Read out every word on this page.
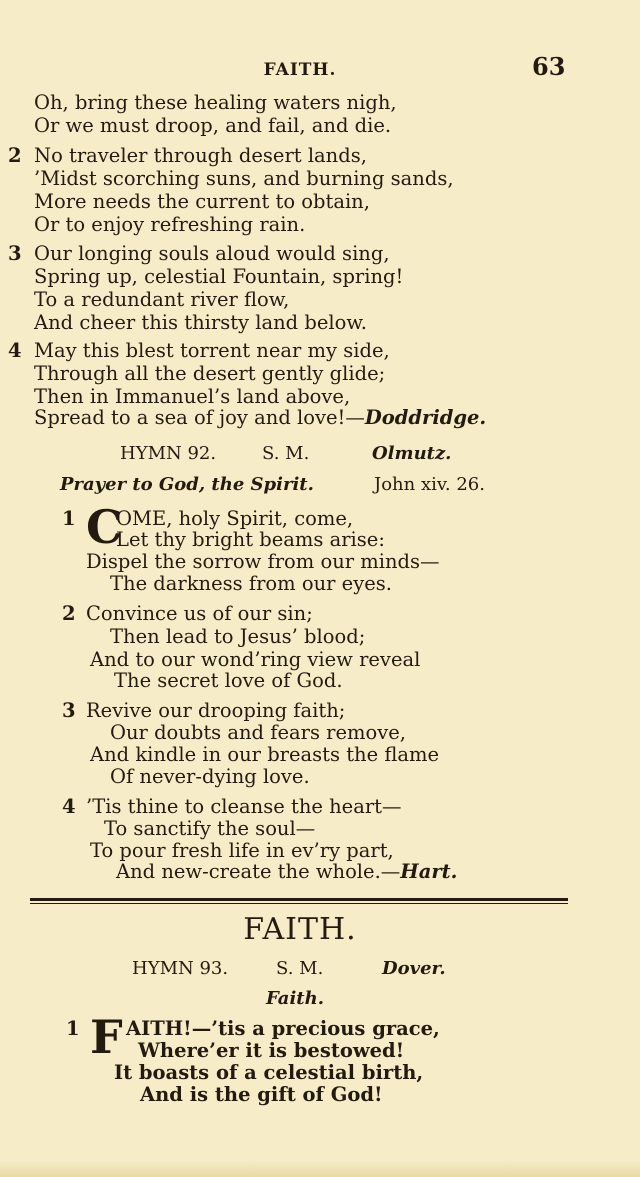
FAITH.	63
Oh, bring these healing waters nigh,
Or we must droop, and fail, and die.
2 No traveler through desert lands,
’Midst scorching suns, and burning sands,
More needs the current to obtain,
Or to enjoy refreshing rain.
3 Our longing souls aloud would sing,
Spring up, celestial Fountain, spring!
To a redundant river flow,
And cheer this thirsty land below.
4 May this blest torrent near my side,
Through all the desert gently glide;
Then in Immanuel’s land above,
Spread to a sea of joy and love!—Doddridge.
HYMN 92.	S. M.	Olmutz.
Prayer to God, the Spirit.	John xiv. 26.
1 C
OME, holy Spirit, come,
Let thy bright beams arise:
Dispel the sorrow from our minds—
The darkness from our eyes.
2 Convince us of our sin;
Then lead to Jesus’ blood;
And to our wond’ring view reveal
The secret love of God.
3 Revive our drooping faith;
Our doubts and fears remove,
And kindle in our breasts the flame
Of never-dying love.
4 ’Tis thine to cleanse the heart—
To sanctify the soul—
To pour fresh life in ev’ry part,
And new-create the whole.—Hart.
FAITH.
HYMN 93.	S. M.	Dover.
Faith.
1 F AITH!—’tis a precious grace,
Where’er it is bestowed!
It boasts of a celestial birth,
And is the gift of God!
